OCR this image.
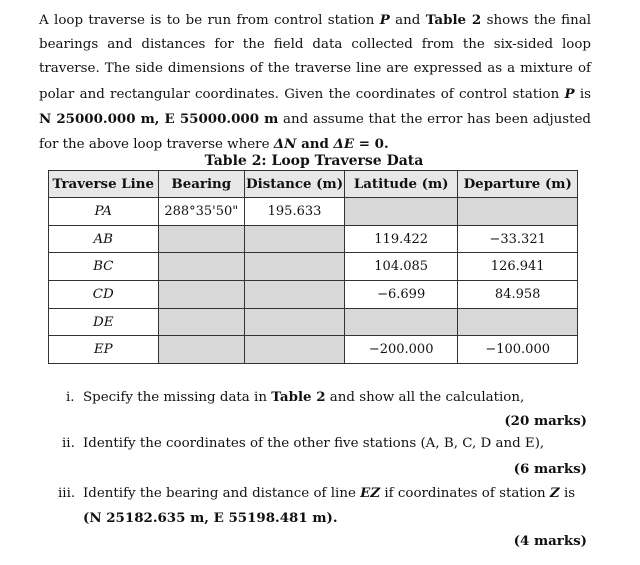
A loop traverse is to be run from control station P and Table 2 shows the final bearings and distances for the field data collected from the six-sided loop traverse. The side dimensions of the traverse line are expressed as a mixture of polar and rectangular coordinates. Given the coordinates of control station P is N 25000.000 m, E 55000.000 m and assume that the error has been adjusted for the above loop traverse where ΔN and ΔE = 0.

Table 2: Loop Traverse Data
Traverse Line	Bearing	Distance (m)	Latitude (m)	Departure (m)
PA	288°35'50"	195.633		
AB			119.422	−33.321
BC			104.085	126.941
CD			−6.699	84.958
DE				
EP			−200.000	−100.000
i. Specify the missing data in Table 2 and show all the calculation,
(20 marks)
ii. Identify the coordinates of the other five stations (A, B, C, D and E),
(6 marks)
iii. Identify the bearing and distance of line EZ if coordinates of station Z is
(N 25182.635 m, E 55198.481 m).
(4 marks)
